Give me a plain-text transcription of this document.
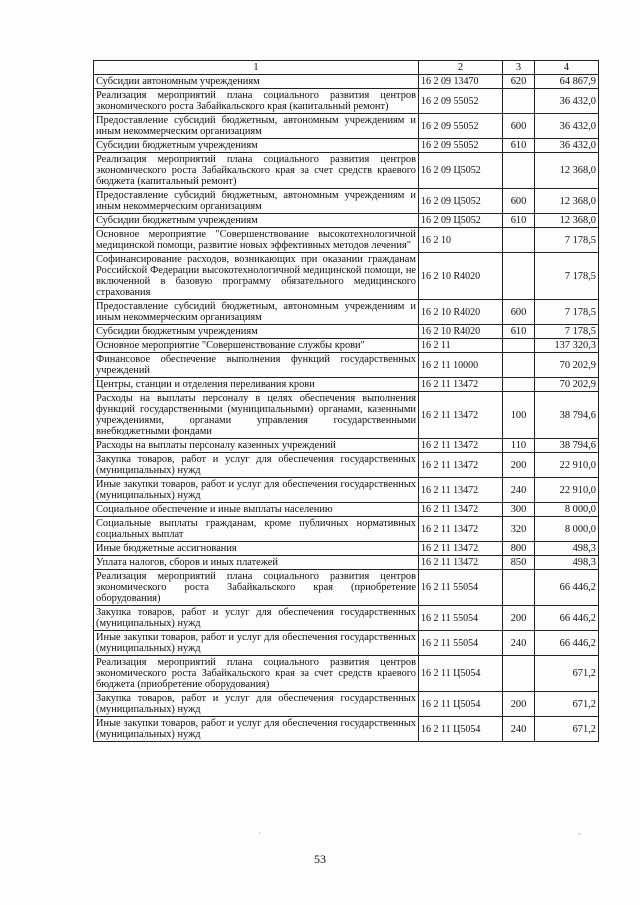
1	2	3	4
Субсидии автономным учреждениям	16 2 09 13470	620	64 867,9
Реализация мероприятий плана социального развития центров экономического роста Забайкальского края (капитальный ремонт)	16 2 09 55052		36 432,0
Предоставление субсидий бюджетным, автономным учреждениям и иным некоммерческим организациям	16 2 09 55052	600	36 432,0
Субсидии бюджетным учреждениям	16 2 09 55052	610	36 432,0
Реализация мероприятий плана социального развития центров экономического роста Забайкальского края за счет средств краевого бюджета (капитальный ремонт)	16 2 09 Ц5052		12 368,0
Предоставление субсидий бюджетным, автономным учреждениям и иным некоммерческим организациям	16 2 09 Ц5052	600	12 368,0
Субсидии бюджетным учреждениям	16 2 09 Ц5052	610	12 368,0
Основное мероприятие "Совершенствование высокотехнологичной медицинской помощи, развитие новых эффективных методов лечения"	16 2 10		7 178,5
Софинансирование расходов, возникающих при оказании гражданам Российской Федерации высокотехнологичной медицинской помощи, не включенной в базовую программу обязательного медицинского страхования	16 2 10 R4020		7 178,5
Предоставление субсидий бюджетным, автономным учреждениям и иным некоммерческим организациям	16 2 10 R4020	600	7 178,5
Субсидии бюджетным учреждениям	16 2 10 R4020	610	7 178,5
Основное мероприятие "Совершенствование службы крови"	16 2 11		137 320,3
Финансовое обеспечение выполнения функций государственных учреждений	16 2 11 10000		70 202,9
Центры, станции и отделения переливания крови	16 2 11 13472		70 202,9
Расходы на выплаты персоналу в целях обеспечения выполнения функций государственными (муниципальными) органами, казенными учреждениями, органами управления государственными внебюджетными фондами	16 2 11 13472	100	38 794,6
Расходы на выплаты персоналу казенных учреждений	16 2 11 13472	110	38 794,6
Закупка товаров, работ и услуг для обеспечения государственных (муниципальных) нужд	16 2 11 13472	200	22 910,0
Иные закупки товаров, работ и услуг для обеспечения государственных (муниципальных) нужд	16 2 11 13472	240	22 910,0
Социальное обеспечение и иные выплаты населению	16 2 11 13472	300	8 000,0
Социальные выплаты гражданам, кроме публичных нормативных социальных выплат	16 2 11 13472	320	8 000,0
Иные бюджетные ассигнования	16 2 11 13472	800	498,3
Уплата налогов, сборов и иных платежей	16 2 11 13472	850	498,3
Реализация мероприятий плана социального развития центров экономического роста Забайкальского края (приобретение оборудования)	16 2 11 55054		66 446,2
Закупка товаров, работ и услуг для обеспечения государственных (муниципальных) нужд	16 2 11 55054	200	66 446,2
Иные закупки товаров, работ и услуг для обеспечения государственных (муниципальных) нужд	16 2 11 55054	240	66 446,2
Реализация мероприятий плана социального развития центров экономического роста Забайкальского края за счет средств краевого бюджета (приобретение оборудования)	16 2 11 Ц5054		671,2
Закупка товаров, работ и услуг для обеспечения государственных (муниципальных) нужд	16 2 11 Ц5054	200	671,2
Иные закупки товаров, работ и услуг для обеспечения государственных (муниципальных) нужд	16 2 11 Ц5054	240	671,2
53
·	-
